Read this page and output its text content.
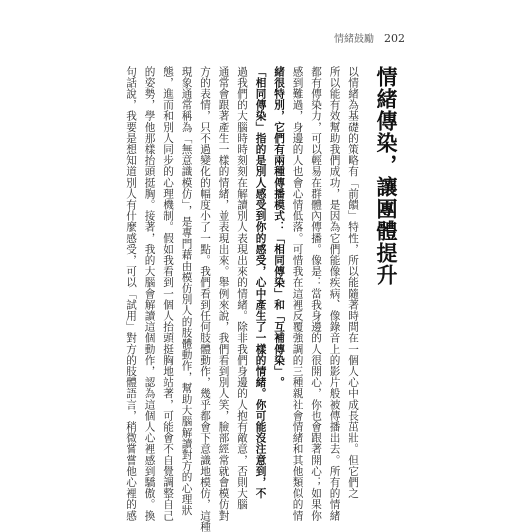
情緒鼓勵 202
情緒傳染，讓團體提升
以情緒為基礎的策略有「前饋」特性，所以能隨著時間在一個人心中成長茁壯。但它們之
所以能有效幫助我們成功，是因為它們能像疾病、像錄音上的影片般被傳播出去。所有的情緒
都有傳染力，可以輕易在群體內傳播。像是：當我身邊的人很開心，你也會跟著開心；如果你
感到難過，身邊的人也會心情低落。可惜我在這裡反覆強調的三種親社會情緒和其他類似的情
緒很特別，它們有兩種傳播模式：「相同傳染」和「互補傳染」。
「相同傳染」指的是別人感受到你的感受，心中產生了一樣的情緒。你可能沒注意到，不
過我們的大腦時時刻刻在解讀別人表現出來的情緒。除非我們身邊的人抱有敵意，否則大腦
通常會跟著產生一樣的情緒，並表現出來。舉例來說，我們看到別人笑，臉部經常就會模仿對
方的表情，只不過變化的幅度小了一點。我們看到任何肢體動作，幾乎都會下意識地模仿，這種
現象通常稱為「無意識模仿」，是專門藉由模仿別人的肢體動作，幫助大腦解讀對方的心理狀
態，進而和別人同步的心理機制。假如我看到一個人抬頭挺胸地站著，可能會不自覺調整自己
的姿勢，學他那樣抬頭挺胸。接著，我的大腦會解讀這個動作，認為這個人心裡感到驕傲。換
句話說，我要是想知道別人有什麼感受，可以「試用」對方的肢體語言，稍微嘗嘗他心裡的感
